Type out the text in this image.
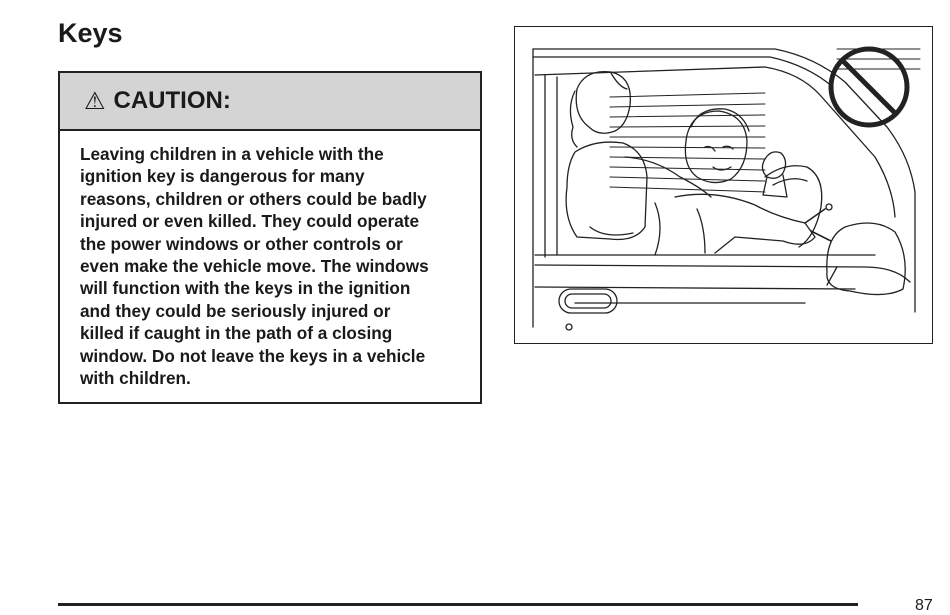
Keys
⚠ CAUTION:
Leaving children in a vehicle with the
ignition key is dangerous for many
reasons, children or others could be badly
injured or even killed. They could operate
the power windows or other controls or
even make the vehicle move. The windows
will function with the keys in the ignition
and they could be seriously injured or
killed if caught in the path of a closing
window. Do not leave the keys in a vehicle
with children.
87
